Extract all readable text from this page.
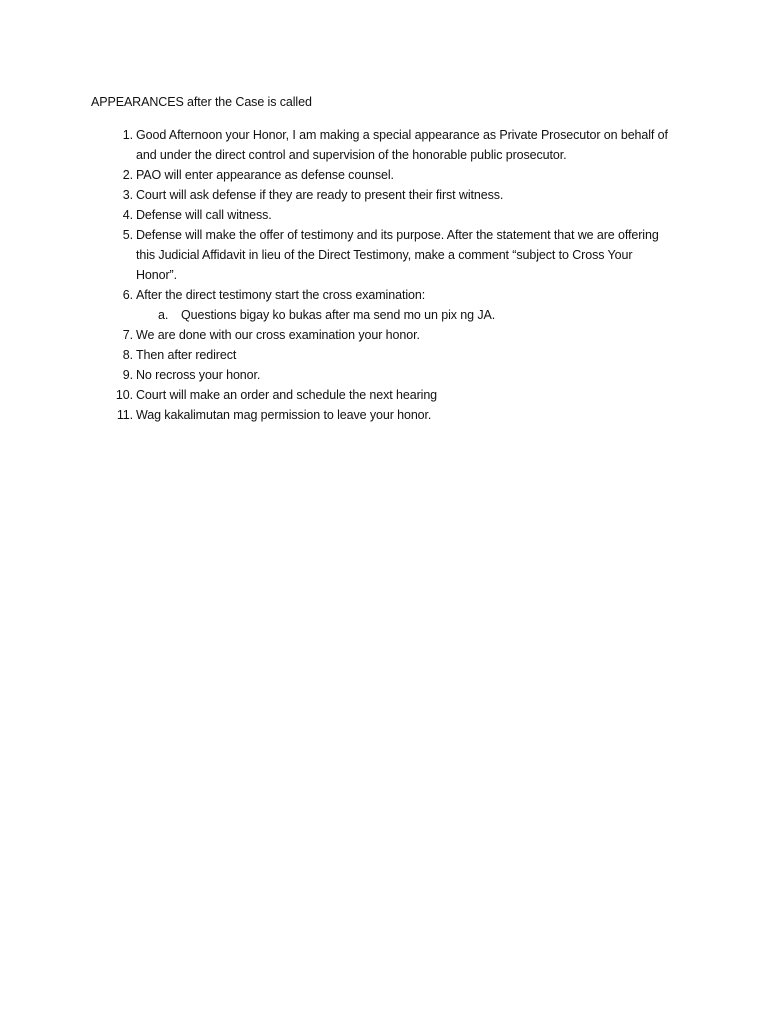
APPEARANCES after the Case is called
1. Good Afternoon your Honor, I am making a special appearance as Private Prosecutor on behalf of and under the direct control and supervision of the honorable public prosecutor.
2. PAO will enter appearance as defense counsel.
3. Court will ask defense if they are ready to present their first witness.
4. Defense will call witness.
5. Defense will make the offer of testimony and its purpose. After the statement that we are offering this Judicial Affidavit in lieu of the Direct Testimony, make a comment “subject to Cross Your Honor”.
6. After the direct testimony start the cross examination:
a. Questions bigay ko bukas after ma send mo un pix ng JA.
7. We are done with our cross examination your honor.
8. Then after redirect
9. No recross your honor.
10. Court will make an order and schedule the next hearing
11. Wag kakalimutan mag permission to leave your honor.
